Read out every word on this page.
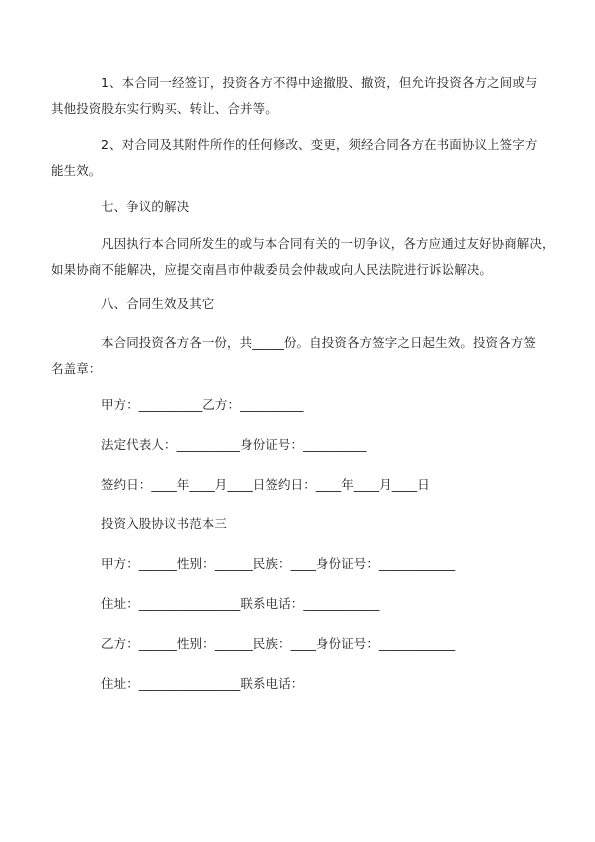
1、本合同一经签订，投资各方不得中途撤股、撤资，但允许投资各方之间或与
其他投资股东实行购买、转让、合并等。

2、对合同及其附件所作的任何修改、变更，须经合同各方在书面协议上签字方
能生效。

七、争议的解决

凡因执行本合同所发生的或与本合同有关的一切争议，各方应通过友好协商解决，
如果协商不能解决，应提交南昌市仲裁委员会仲裁或向人民法院进行诉讼解决。

八、合同生效及其它

本合同投资各方各一份，共_____份。自投资各方签字之日起生效。投资各方签
名盖章：

甲方：__________乙方：__________

法定代表人：__________身份证号：__________

签约日：____年____月____日签约日：____年____月____日

投资入股协议书范本三

甲方：______性别：______民族：____身份证号：____________

住址：________________联系电话：____________

乙方：______性别：______民族：____身份证号：____________

住址：________________联系电话：
